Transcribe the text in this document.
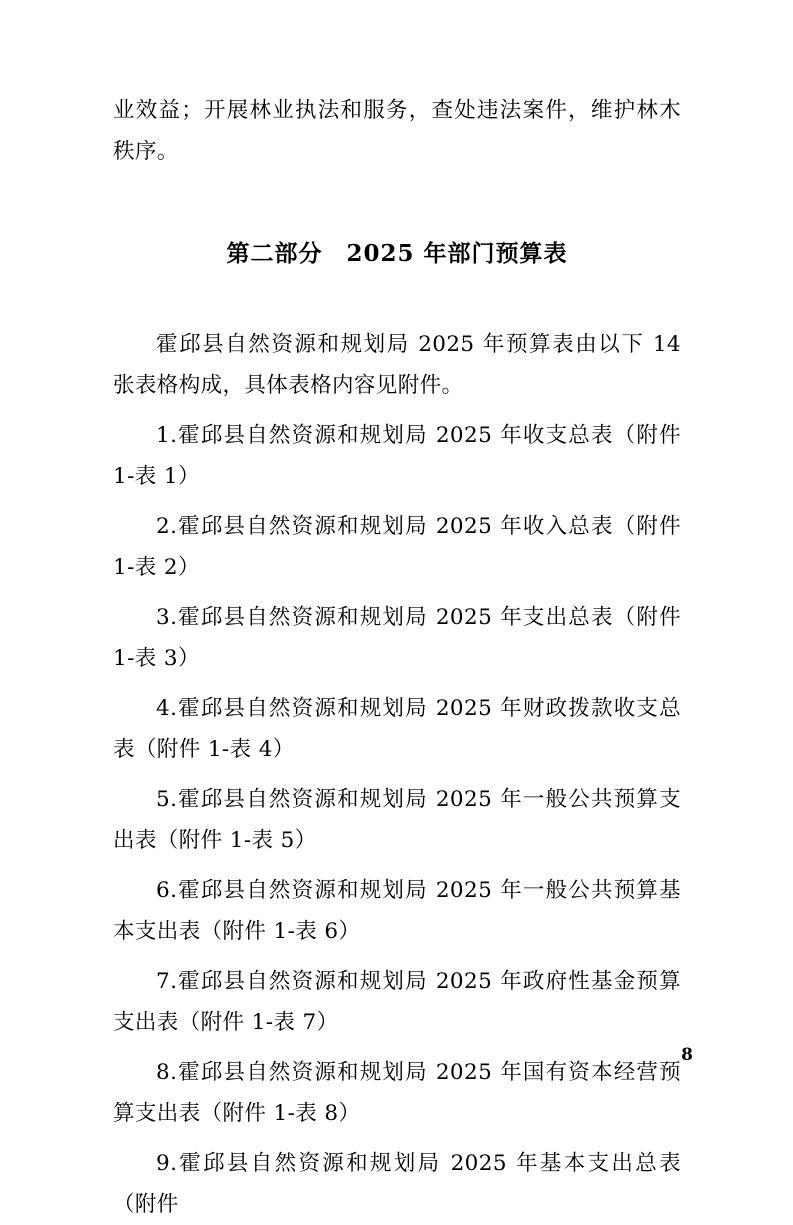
业效益；开展林业执法和服务，查处违法案件，维护林木秩序。

第二部分　2025 年部门预算表

霍邱县自然资源和规划局 2025 年预算表由以下 14 张表格构成，具体表格内容见附件。

1.霍邱县自然资源和规划局 2025 年收支总表（附件 1-表 1）

2.霍邱县自然资源和规划局 2025 年收入总表（附件 1-表 2）

3.霍邱县自然资源和规划局 2025 年支出总表（附件 1-表 3）

4.霍邱县自然资源和规划局 2025 年财政拨款收支总表（附件 1-表 4）

5.霍邱县自然资源和规划局 2025 年一般公共预算支出表（附件 1-表 5）

6.霍邱县自然资源和规划局 2025 年一般公共预算基本支出表（附件 1-表 6）

7.霍邱县自然资源和规划局 2025 年政府性基金预算支出表（附件 1-表 7）

8.霍邱县自然资源和规划局 2025 年国有资本经营预算支出表（附件 1-表 8）

9.霍邱县自然资源和规划局 2025 年基本支出总表（附件

8
